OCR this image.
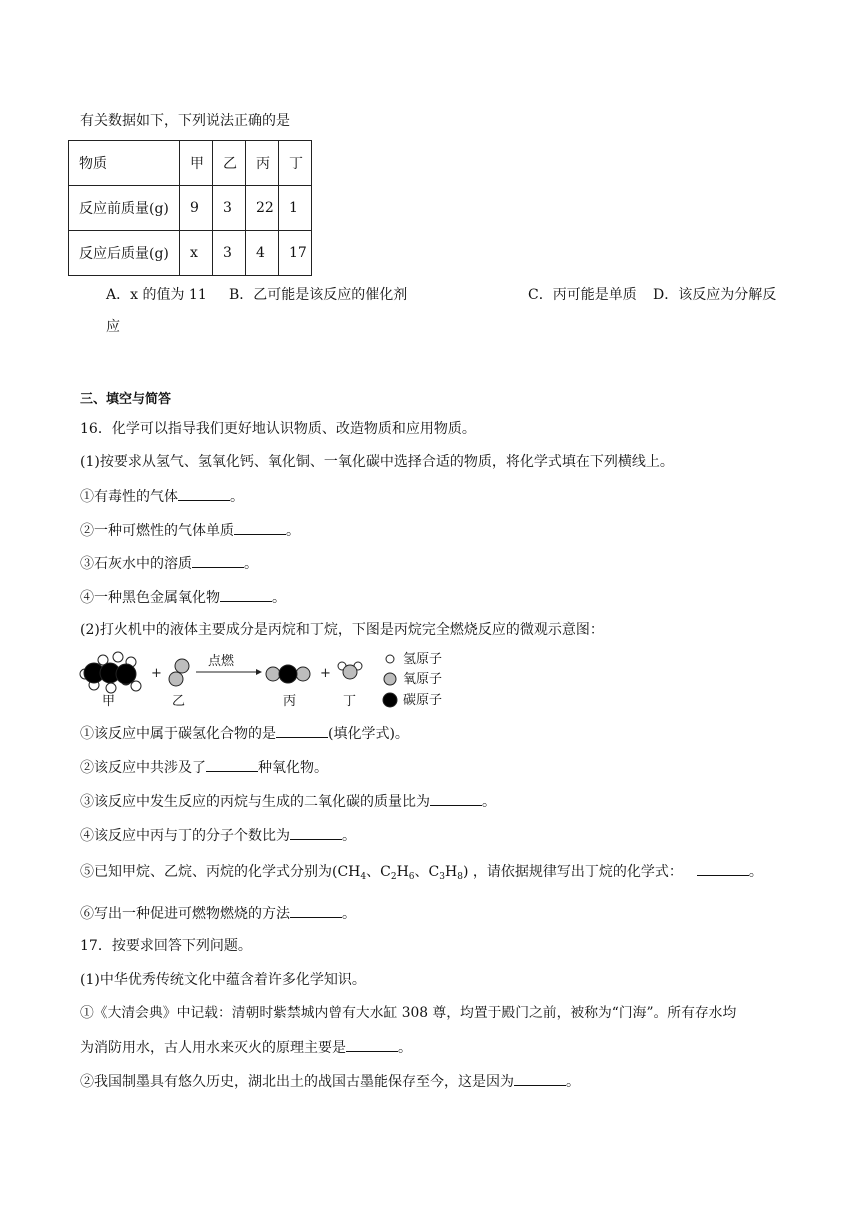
有关数据如下，下列说法正确的是
物质	甲	乙	丙	丁
反应前质量(g)	9	3	22	1
反应后质量(g)	x	3	4	17
A．x 的值为 11 B．乙可能是该反应的催化剂	C．丙可能是单质 D．该反应为分解反
应
三、填空与简答
16．化学可以指导我们更好地认识物质、改造物质和应用物质。
(1)按要求从氢气、氢氧化钙、氧化铜、一氧化碳中选择合适的物质，将化学式填在下列横线上。
①有毒性的气体	。
②一种可燃性的气体单质	。
③石灰水中的溶质	。
④一种黑色金属氧化物	。
(2)打火机中的液体主要成分是丙烷和丁烷，下图是丙烷完全燃烧反应的微观示意图：
+	+
点燃
甲	乙	丙	丁
氢原子
氧原子
碳原子
①该反应中属于碳氢化合物的是	(填化学式)。
②该反应中共涉及了	种氧化物。
③该反应中发生反应的丙烷与生成的二氧化碳的质量比为	。
④该反应中丙与丁的分子个数比为	。
⑤已知甲烷、乙烷、丙烷的化学式分别为($CH_4$、$C_2H_6$、$C_3H_8$) ，请依据规律写出丁烷的化学式：	。
⑥写出一种促进可燃物燃烧的方法	。
17．按要求回答下列问题。
(1)中华优秀传统文化中蕴含着许多化学知识。
①《大清会典》中记载：清朝时紫禁城内曾有大水缸 308 尊，均置于殿门之前，被称为“门海”。所有存水均
为消防用水，古人用水来灭火的原理主要是	。
②我国制墨具有悠久历史，湖北出土的战国古墨能保存至今，这是因为	。
